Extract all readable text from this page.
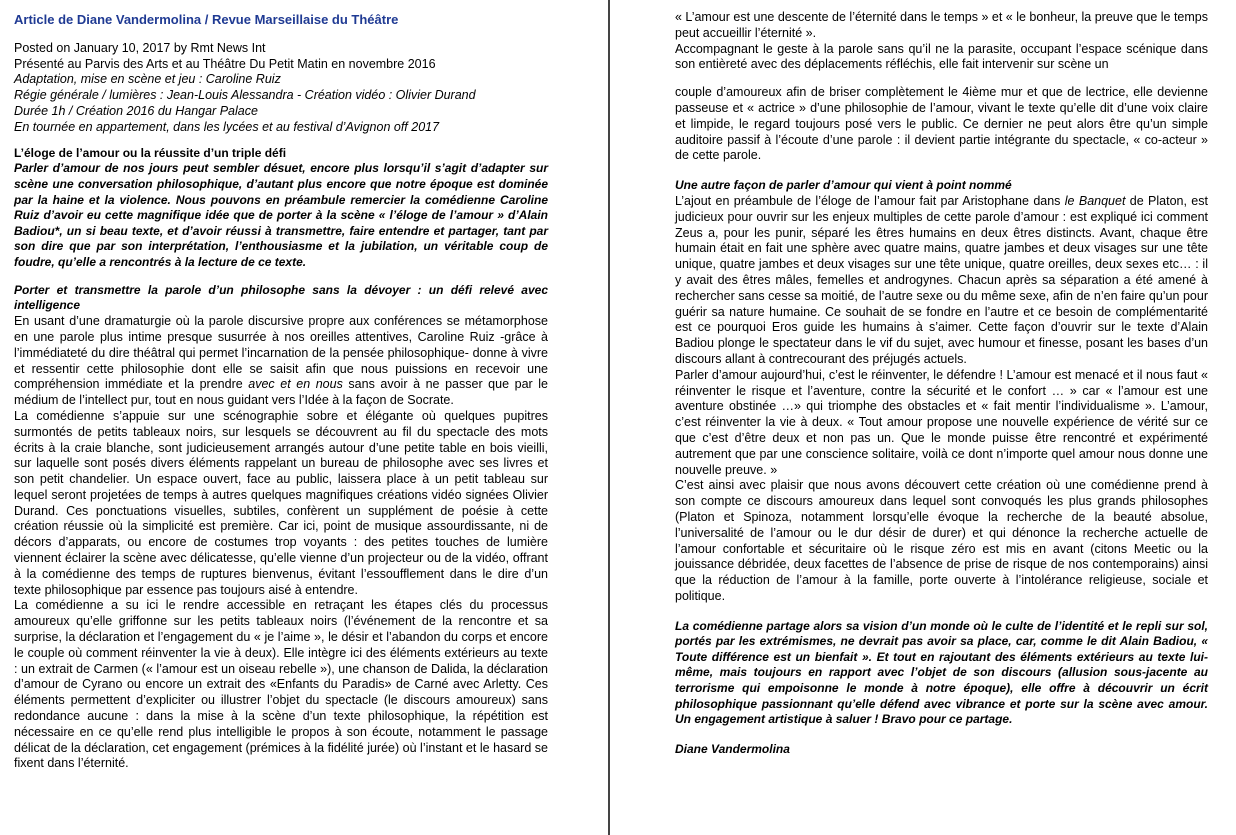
Article de Diane Vandermolina / Revue Marseillaise du Théâtre

Posted on January 10, 2017 by Rmt News Int

Présenté au Parvis des Arts et au Théâtre Du Petit Matin en novembre 2016

Adaptation, mise en scène et jeu : Caroline Ruiz

Régie générale / lumières : Jean-Louis Alessandra - Création vidéo : Olivier Durand

Durée 1h / Création 2016 du Hangar Palace

En tournée en appartement, dans les lycées et au festival d’Avignon off 2017

L’éloge de l’amour ou la réussite d’un triple défi

Parler d’amour de nos jours peut sembler désuet, encore plus lorsqu’il s’agit d’adapter sur scène une conversation philosophique, d’autant plus encore que notre époque est dominée par la haine et la violence. Nous pouvons en préambule remercier la comédienne Caroline Ruiz d’avoir eu cette magnifique idée que de porter à la scène « l’éloge de l’amour » d’Alain Badiou*, un si beau texte, et d’avoir réussi à transmettre, faire entendre et partager, tant par son dire que par son interprétation, l’enthousiasme et la jubilation, un véritable coup de foudre, qu’elle a rencontrés à la lecture de ce texte.

Porter et transmettre la parole d’un philosophe sans la dévoyer : un défi relevé avec intelligence

En usant d’une dramaturgie où la parole discursive propre aux conférences se métamorphose en une parole plus intime presque susurrée à nos oreilles attentives, Caroline Ruiz -grâce à l’immédiateté du dire théâtral qui permet l’incarnation de la pensée philosophique- donne à vivre et ressentir cette philosophie dont elle se saisit afin que nous puissions en recevoir une compréhension immédiate et la prendre avec et en nous sans avoir à ne passer que par le médium de l’intellect pur, tout en nous guidant vers l’Idée à la façon de Socrate.

La comédienne s’appuie sur une scénographie sobre et élégante où quelques pupitres surmontés de petits tableaux noirs, sur lesquels se découvrent au fil du spectacle des mots écrits à la craie blanche, sont judicieusement arrangés autour d’une petite table en bois vieilli, sur laquelle sont posés divers éléments rappelant un bureau de philosophe avec ses livres et son petit chandelier. Un espace ouvert, face au public, laissera place à un petit tableau sur lequel seront projetées de temps à autres quelques magnifiques créations vidéo signées Olivier Durand. Ces ponctuations visuelles, subtiles, confèrent un supplément de poésie à cette création réussie où la simplicité est première. Car ici, point de musique assourdissante, ni de décors d’apparats, ou encore de costumes trop voyants : des petites touches de lumière viennent éclairer la scène avec délicatesse, qu’elle vienne d’un projecteur ou de la vidéo, offrant à la comédienne des temps de ruptures bienvenus, évitant l’essoufflement dans le dire d’un texte philosophique par essence pas toujours aisé à entendre.

La comédienne a su ici le rendre accessible en retraçant les étapes clés du processus amoureux qu’elle griffonne sur les petits tableaux noirs (l’événement de la rencontre et sa surprise, la déclaration et l’engagement du « je l’aime », le désir et l’abandon du corps et encore le couple où comment réinventer la vie à deux). Elle intègre ici des éléments extérieurs au texte : un extrait de Carmen (« l’amour est un oiseau rebelle »), une chanson de Dalida, la déclaration d’amour de Cyrano ou encore un extrait des «Enfants du Paradis» de Carné avec Arletty. Ces éléments permettent d’expliciter ou illustrer l’objet du spectacle (le discours amoureux) sans redondance aucune : dans la mise à la scène d’un texte philosophique, la répétition est nécessaire en ce qu’elle rend plus intelligible le propos à son écoute, notamment le passage délicat de la déclaration, cet engagement (prémices à la fidélité jurée) où l’instant et le hasard se fixent dans l’éternité.

« L’amour est une descente de l’éternité dans le temps » et « le bonheur, la preuve que le temps peut accueillir l’éternité ».

Accompagnant le geste à la parole sans qu’il ne la parasite, occupant l’espace scénique dans son entièreté avec des déplacements réfléchis, elle fait intervenir sur scène un

couple d’amoureux afin de briser complètement le 4ième mur et que de lectrice, elle devienne passeuse et « actrice » d’une philosophie de l’amour, vivant le texte qu’elle dit d’une voix claire et limpide, le regard toujours posé vers le public. Ce dernier ne peut alors être qu’un simple auditoire passif à l’écoute d’une parole : il devient partie intégrante du spectacle, « co-acteur » de cette parole.

Une autre façon de parler d’amour qui vient à point nommé

L’ajout en préambule de l’éloge de l’amour fait par Aristophane dans le Banquet de Platon, est judicieux pour ouvrir sur les enjeux multiples de cette parole d’amour : est expliqué ici comment Zeus a, pour les punir, séparé les êtres humains en deux êtres distincts. Avant, chaque être humain était en fait une sphère avec quatre mains, quatre jambes et deux visages sur une tête unique, quatre jambes et deux visages sur une tête unique, quatre oreilles, deux sexes etc… : il y avait des êtres mâles, femelles et androgynes. Chacun après sa séparation a été amené à rechercher sans cesse sa moitié, de l’autre sexe ou du même sexe, afin de n’en faire qu’un pour guérir sa nature humaine. Ce souhait de se fondre en l’autre et ce besoin de complémentarité est ce pourquoi Eros guide les humains à s’aimer. Cette façon d’ouvrir sur le texte d’Alain Badiou plonge le spectateur dans le vif du sujet, avec humour et finesse, posant les bases d’un discours allant à contrecourant des préjugés actuels.

Parler d’amour aujourd’hui, c’est le réinventer, le défendre ! L’amour est menacé et il nous faut « réinventer le risque et l’aventure, contre la sécurité et le confort … » car « l’amour est une aventure obstinée …» qui triomphe des obstacles et « fait mentir l’individualisme ». L’amour, c’est réinventer la vie à deux. « Tout amour propose une nouvelle expérience de vérité sur ce que c’est d’être deux et non pas un. Que le monde puisse être rencontré et expérimenté autrement que par une conscience solitaire, voilà ce dont n’importe quel amour nous donne une nouvelle preuve. »

C’est ainsi avec plaisir que nous avons découvert cette création où une comédienne prend à son compte ce discours amoureux dans lequel sont convoqués les plus grands philosophes (Platon et Spinoza, notamment lorsqu’elle évoque la recherche de la beauté absolue, l’universalité de l’amour ou le dur désir de durer) et qui dénonce la recherche actuelle de l’amour confortable et sécuritaire où le risque zéro est mis en avant (citons Meetic ou la jouissance débridée, deux facettes de l’absence de prise de risque de nos contemporains) ainsi que la réduction de l’amour à la famille, porte ouverte à l’intolérance religieuse, sociale et politique.

La comédienne partage alors sa vision d’un monde où le culte de l’identité et le repli sur sol, portés par les extrémismes, ne devrait pas avoir sa place, car, comme le dit Alain Badiou, « Toute différence est un bienfait ». Et tout en rajoutant des éléments extérieurs au texte lui-même, mais toujours en rapport avec l’objet de son discours (allusion sous-jacente au terrorisme qui empoisonne le monde à notre époque), elle offre à découvrir un écrit philosophique passionnant qu’elle défend avec vibrance et porte sur la scène avec amour. Un engagement artistique à saluer ! Bravo pour ce partage.

Diane Vandermolina
